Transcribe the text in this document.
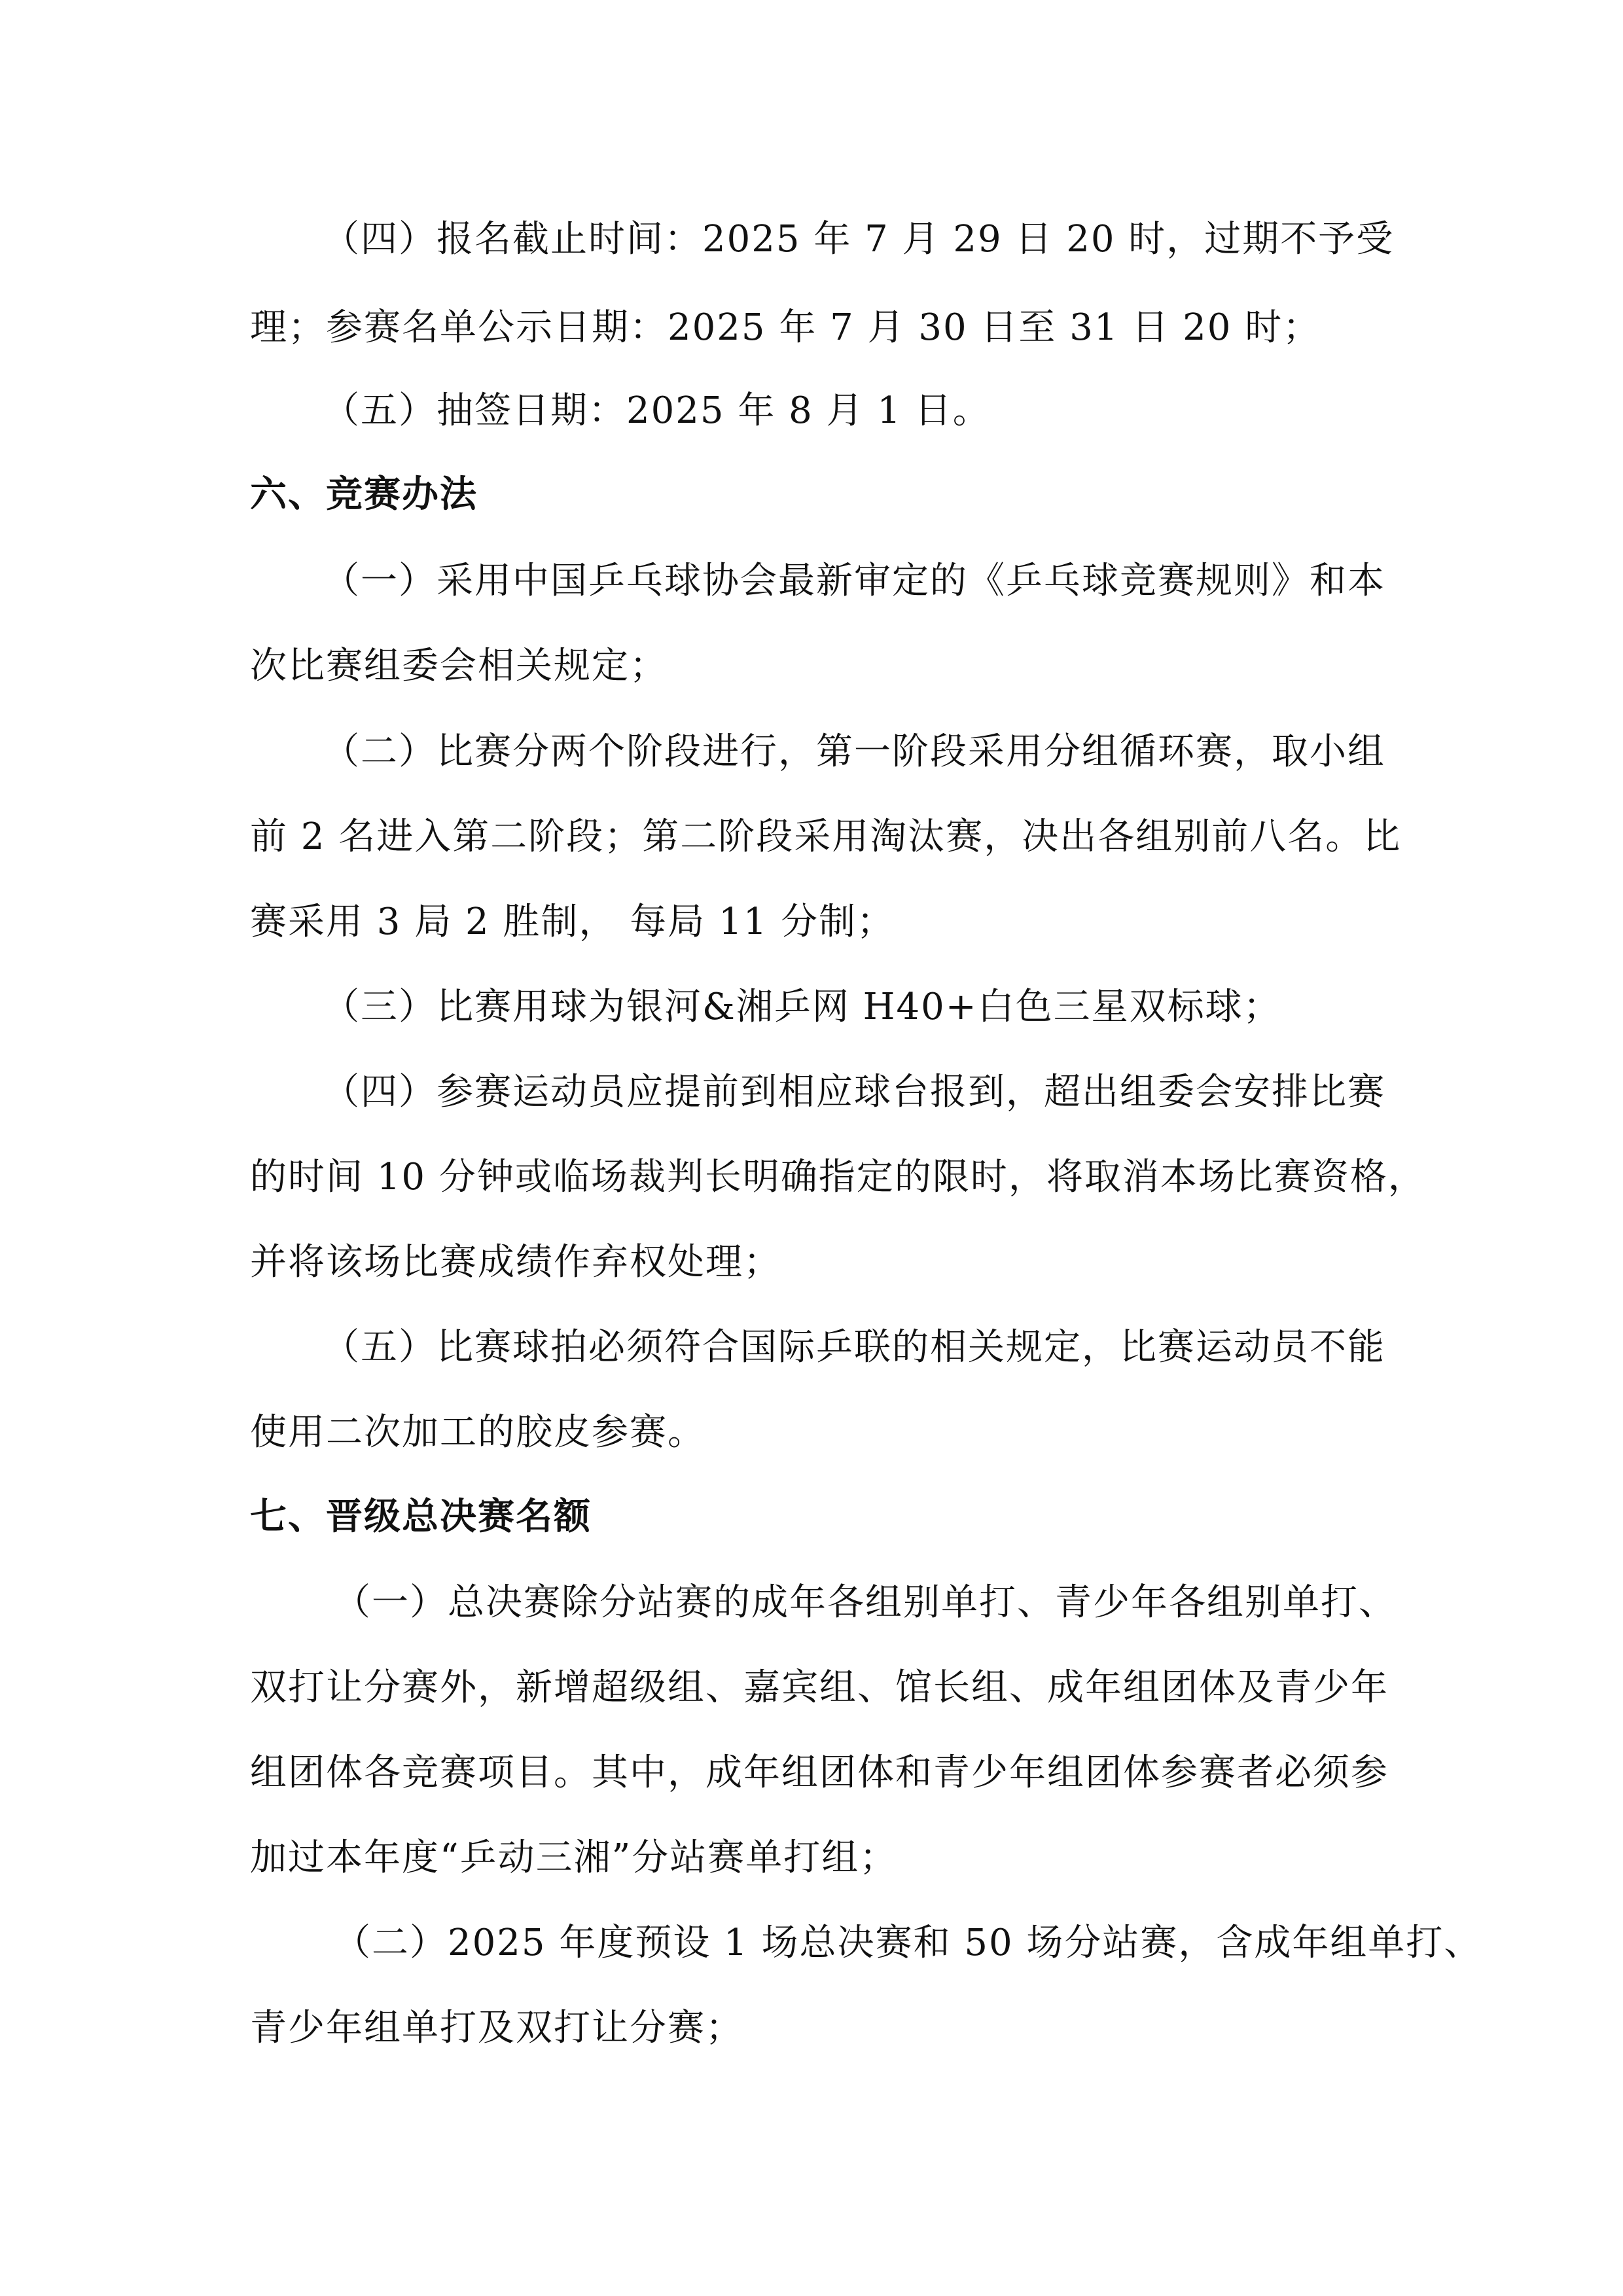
（四）报名截止时间：2025 年 7 月 29 日 20 时，过期不予受
理；参赛名单公示日期：2025 年 7 月 30 日至 31 日 20 时；
（五）抽签日期：2025 年 8 月 1 日。
六、竞赛办法
（一）采用中国乒乓球协会最新审定的《乒乓球竞赛规则》和本
次比赛组委会相关规定；
（二）比赛分两个阶段进行，第一阶段采用分组循环赛，取小组
前 2 名进入第二阶段；第二阶段采用淘汰赛，决出各组别前八名。比
赛采用 3 局 2 胜制， 每局 11 分制；
（三）比赛用球为银河&湘乒网 H40+白色三星双标球；
（四）参赛运动员应提前到相应球台报到，超出组委会安排比赛
的时间 10 分钟或临场裁判长明确指定的限时，将取消本场比赛资格，
并将该场比赛成绩作弃权处理；
（五）比赛球拍必须符合国际乒联的相关规定，比赛运动员不能
使用二次加工的胶皮参赛。
七、晋级总决赛名额
（一）总决赛除分站赛的成年各组别单打、青少年各组别单打、
双打让分赛外，新增超级组、嘉宾组、馆长组、成年组团体及青少年
组团体各竞赛项目。其中，成年组团体和青少年组团体参赛者必须参
加过本年度“乒动三湘”分站赛单打组；
（二）2025 年度预设 1 场总决赛和 50 场分站赛，含成年组单打、
青少年组单打及双打让分赛；
